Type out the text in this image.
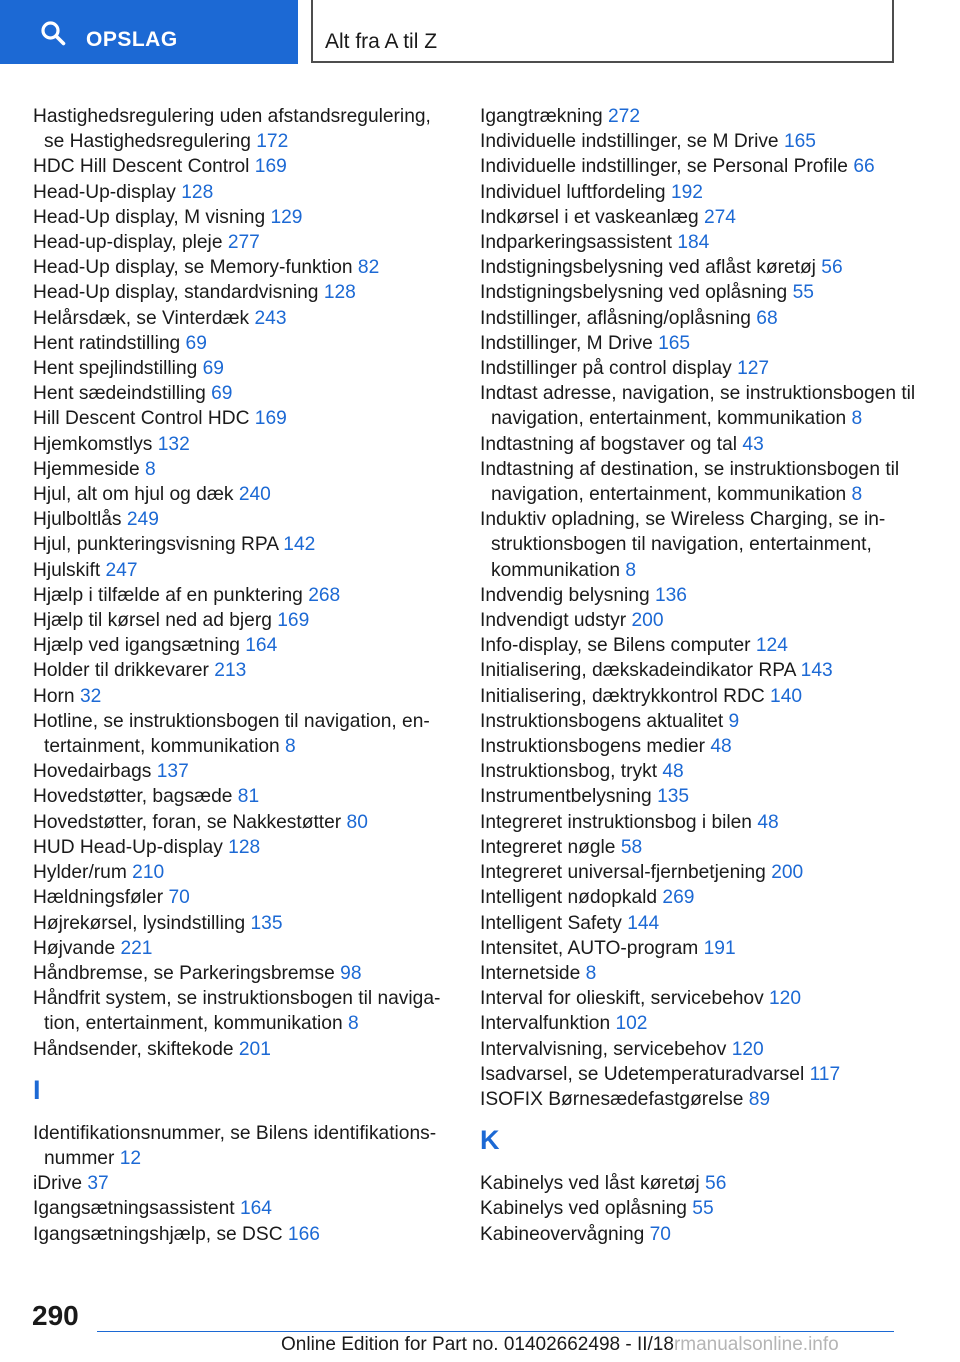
OPSLAG	Alt fra A til Z
Hastighedsregulering uden afstandsregulering, se Hastighedsregulering 172
HDC Hill Descent Control 169
Head-Up-display 128
Head-Up display, M visning 129
Head-up-display, pleje 277
Head-Up display, se Memory-funktion 82
Head-Up display, standardvisning 128
Helårsdæk, se Vinterdæk 243
Hent ratindstilling 69
Hent spejlindstilling 69
Hent sædeindstilling 69
Hill Descent Control HDC 169
Hjemkomstlys 132
Hjemmeside 8
Hjul, alt om hjul og dæk 240
Hjulboltlås 249
Hjul, punkteringsvisning RPA 142
Hjulskift 247
Hjælp i tilfælde af en punktering 268
Hjælp til kørsel ned ad bjerg 169
Hjælp ved igangsætning 164
Holder til drikkevarer 213
Horn 32
Hotline, se instruktionsbogen til navigation, en- tertainment, kommunikation 8
Hovedairbags 137
Hovedstøtter, bagsæde 81
Hovedstøtter, foran, se Nakkestøtter 80
HUD Head-Up-display 128
Hylder/rum 210
Hældningsføler 70
Højrekørsel, lysindstilling 135
Højvande 221
Håndbremse, se Parkeringsbremse 98
Håndfrit system, se instruktionsbogen til naviga- tion, entertainment, kommunikation 8
Håndsender, skiftekode 201
I
Identifikationsnummer, se Bilens identifikations- nummer 12
iDrive 37
Igangsætningsassistent 164
Igangsætningshjælp, se DSC 166
Igangtrækning 272
Individuelle indstillinger, se M Drive 165
Individuelle indstillinger, se Personal Profile 66
Individuel luftfordeling 192
Indkørsel i et vaskeanlæg 274
Indparkeringsassistent 184
Indstigningsbelysning ved aflåst køretøj 56
Indstigningsbelysning ved oplåsning 55
Indstillinger, aflåsning/oplåsning 68
Indstillinger, M Drive 165
Indstillinger på control display 127
Indtast adresse, navigation, se instruktionsbogen til navigation, entertainment, kommunikation 8
Indtastning af bogstaver og tal 43
Indtastning af destination, se instruktionsbogen til navigation, entertainment, kommunikation 8
Induktiv opladning, se Wireless Charging, se in- struktionsbogen til navigation, entertainment, kommunikation 8
Indvendig belysning 136
Indvendigt udstyr 200
Info-display, se Bilens computer 124
Initialisering, dækskadeindikator RPA 143
Initialisering, dæktrykkontrol RDC 140
Instruktionsbogens aktualitet 9
Instruktionsbogens medier 48
Instruktionsbog, trykt 48
Instrumentbelysning 135
Integreret instruktionsbog i bilen 48
Integreret nøgle 58
Integreret universal-fjernbetjening 200
Intelligent nødopkald 269
Intelligent Safety 144
Intensitet, AUTO-program 191
Internetside 8
Interval for olieskift, servicebehov 120
Intervalfunktion 102
Intervalvisning, servicebehov 120
Isadvarsel, se Udetemperaturadvarsel 117
ISOFIX Børnesædefastgørelse 89
K
Kabinelys ved låst køretøj 56
Kabinelys ved oplåsning 55
Kabineovervågning 70
290
Online Edition for Part no. 01402662498 - II/18rmanualsonline.info
